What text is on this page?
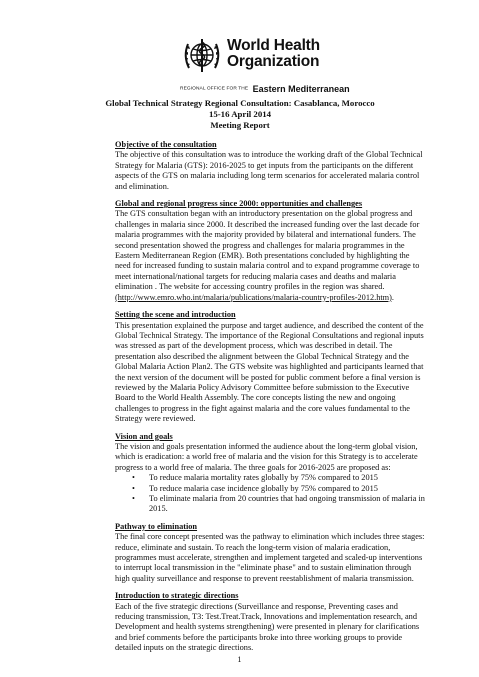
World Health
Organization
REGIONAL OFFICE FOR THE Eastern Mediterranean
Global Technical Strategy Regional Consultation: Casablanca, Morocco
15-16 April 2014
Meeting Report

Objective of the consultation

The objective of this consultation was to introduce the working draft of the Global Technical Strategy for Malaria (GTS): 2016-2025 to get inputs from the participants on the different aspects of the GTS on malaria including long term scenarios for accelerated malaria control and elimination.

Global and regional progress since 2000: opportunities and challenges

The GTS consultation began with an introductory presentation on the global progress and challenges in malaria since 2000. It described the increased funding over the last decade for malaria programmes with the majority provided by bilateral and international funders. The second presentation showed the progress and challenges for malaria programmes in the Eastern Mediterranean Region (EMR). Both presentations concluded by highlighting the need for increased funding to sustain malaria control and to expand programme coverage to meet international/national targets for reducing malaria cases and deaths and malaria elimination . The website for accessing country profiles in the region was shared. (http://www.emro.who.int/malaria/publications/malaria-country-profiles-2012.htm).

Setting the scene and introduction

This presentation explained the purpose and target audience, and described the content of the Global Technical Strategy. The importance of the Regional Consultations and regional inputs was stressed as part of the development process, which was described in detail. The presentation also described the alignment between the Global Technical Strategy and the Global Malaria Action Plan2. The GTS website was highlighted and participants learned that the next version of the document will be posted for public comment before a final version is reviewed by the Malaria Policy Advisory Committee before submission to the Executive Board to the World Health Assembly. The core concepts listing the new and ongoing challenges to progress in the fight against malaria and the core values fundamental to the Strategy were reviewed.

Vision and goals

The vision and goals presentation informed the audience about the long-term global vision, which is eradication: a world free of malaria and the vision for this Strategy is to accelerate progress to a world free of malaria. The three goals for 2016-2025 are proposed as:

• To reduce malaria mortality rates globally by 75% compared to 2015
• To reduce malaria case incidence globally by 75% compared to 2015
• To eliminate malaria from 20 countries that had ongoing transmission of malaria in 2015.

Pathway to elimination

The final core concept presented was the pathway to elimination which includes three stages: reduce, eliminate and sustain. To reach the long-term vision of malaria eradication, programmes must accelerate, strengthen and implement targeted and scaled-up interventions to interrupt local transmission in the "eliminate phase" and to sustain elimination through high quality surveillance and response to prevent reestablishment of malaria transmission.

Introduction to strategic directions

Each of the five strategic directions (Surveillance and response, Preventing cases and reducing transmission, T3: Test.Treat.Track, Innovations and implementation research, and Development and health systems strengthening) were presented in plenary for clarifications and brief comments before the participants broke into three working groups to provide detailed inputs on the strategic directions.

1
